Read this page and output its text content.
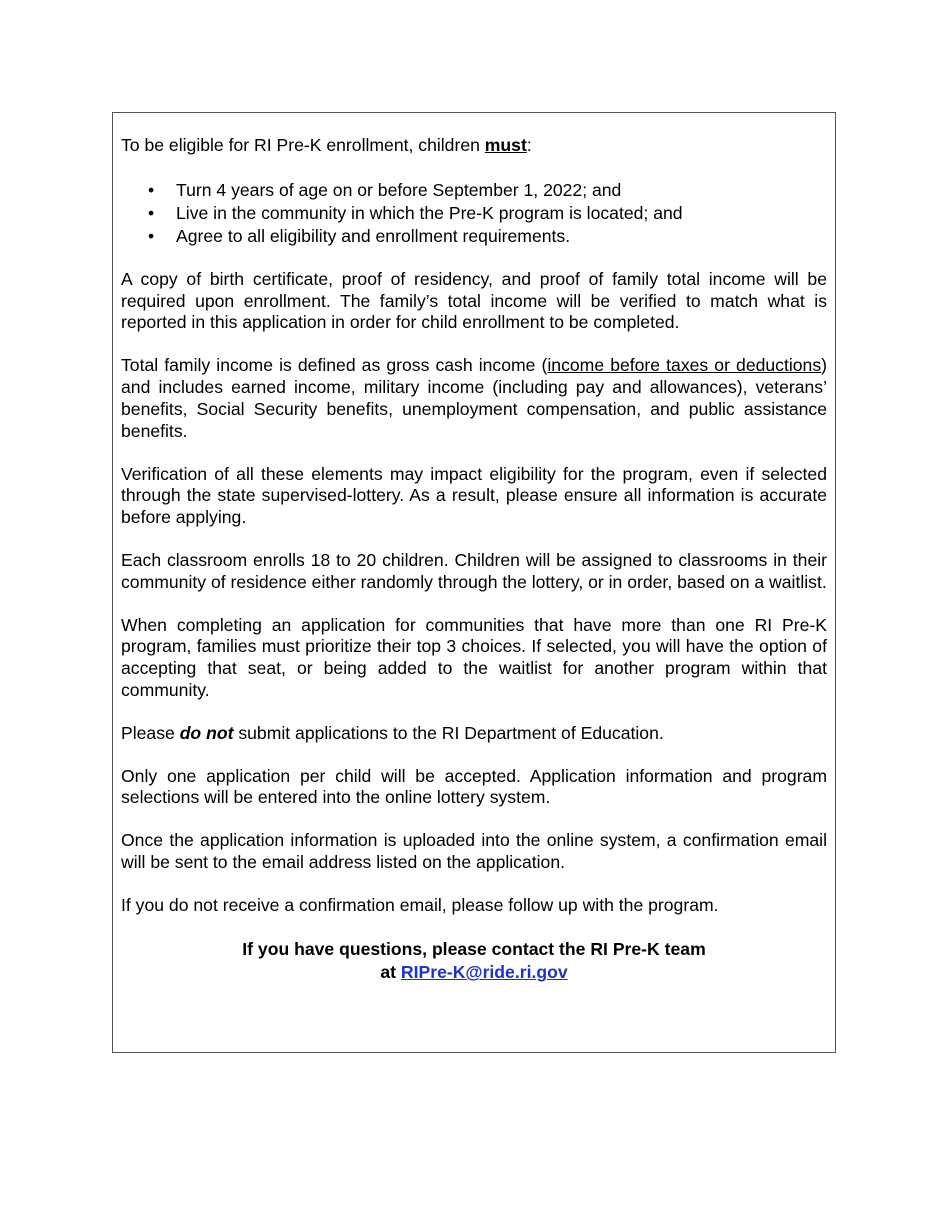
To be eligible for RI Pre-K enrollment, children must:

• Turn 4 years of age on or before September 1, 2022; and
• Live in the community in which the Pre-K program is located; and
• Agree to all eligibility and enrollment requirements.

A copy of birth certificate, proof of residency, and proof of family total income will be required upon enrollment. The family’s total income will be verified to match what is reported in this application in order for child enrollment to be completed.

Total family income is defined as gross cash income (income before taxes or deductions) and includes earned income, military income (including pay and allowances), veterans’ benefits, Social Security benefits, unemployment compensation, and public assistance benefits.

Verification of all these elements may impact eligibility for the program, even if selected through the state supervised-lottery. As a result, please ensure all information is accurate before applying.

Each classroom enrolls 18 to 20 children. Children will be assigned to classrooms in their community of residence either randomly through the lottery, or in order, based on a waitlist.

When completing an application for communities that have more than one RI Pre-K program, families must prioritize their top 3 choices. If selected, you will have the option of accepting that seat, or being added to the waitlist for another program within that community.

Please do not submit applications to the RI Department of Education.

Only one application per child will be accepted. Application information and program selections will be entered into the online lottery system.

Once the application information is uploaded into the online system, a confirmation email will be sent to the email address listed on the application.

If you do not receive a confirmation email, please follow up with the program.

If you have questions, please contact the RI Pre-K team
at RIPre-K@ride.ri.gov
